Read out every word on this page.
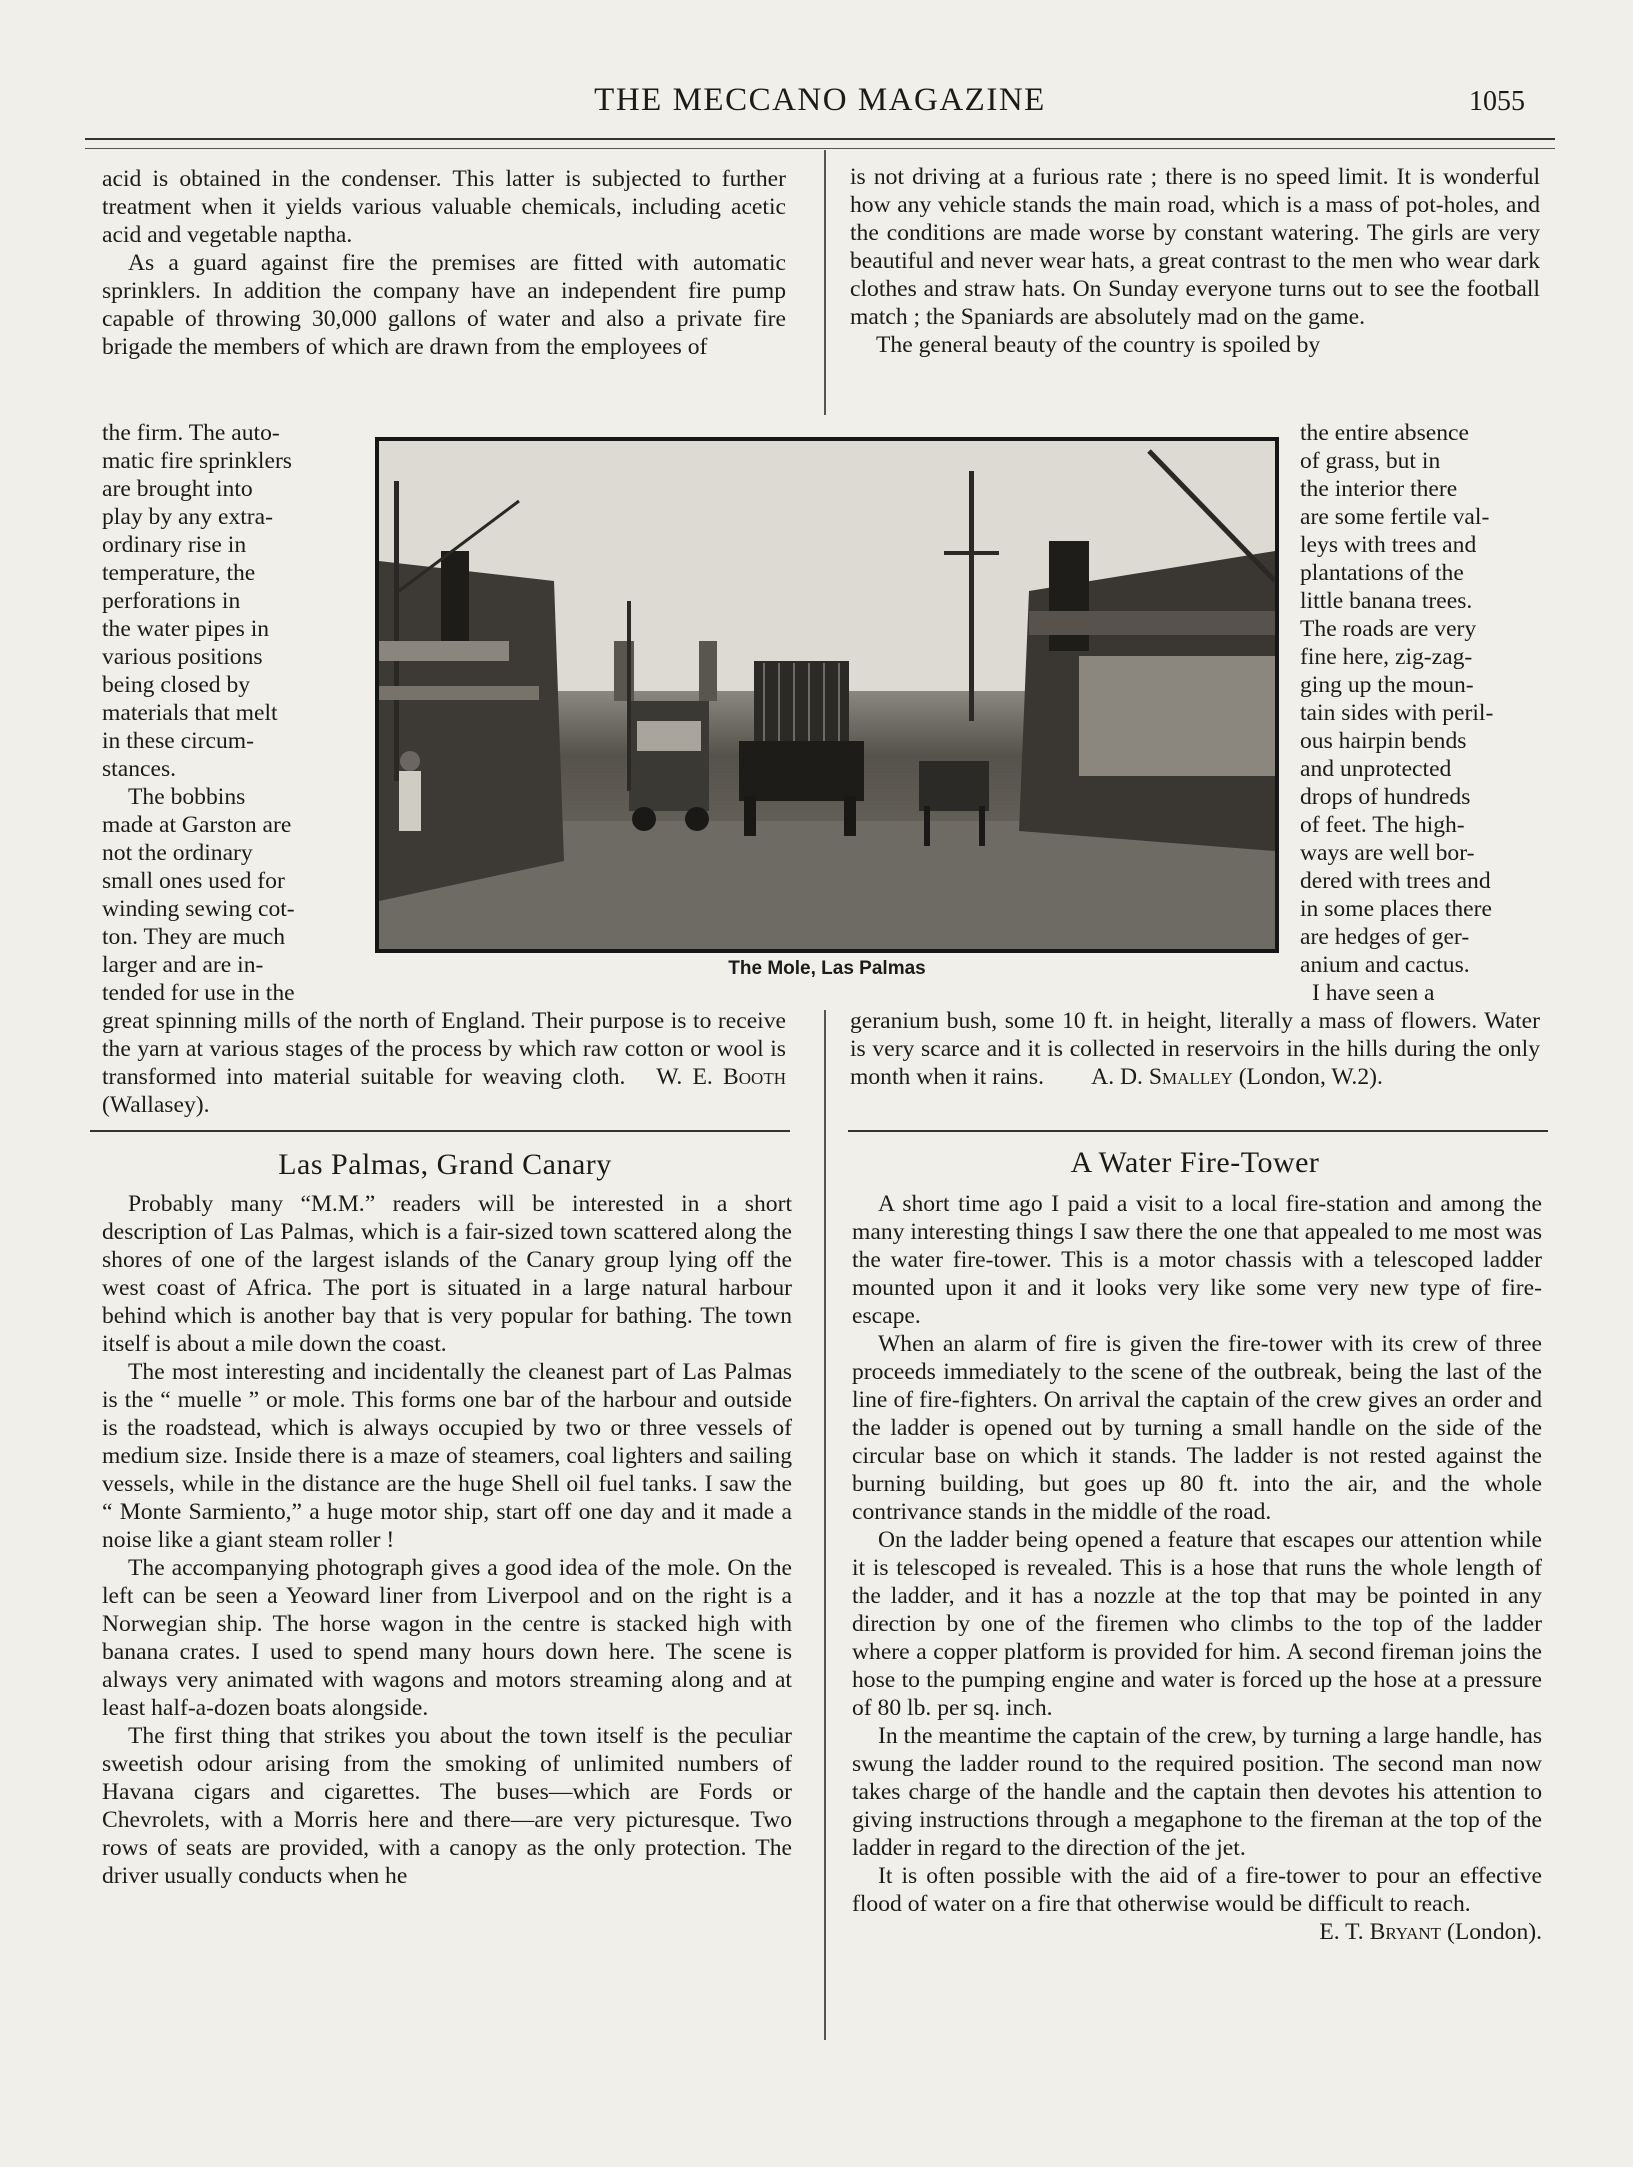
THE MECCANO MAGAZINE	1055

acid is obtained in the condenser. This latter is subjected to further treatment when it yields various valuable chemicals, including acetic acid and vegetable naptha.

As a guard against fire the premises are fitted with automatic sprinklers. In addition the company have an independent fire pump capable of throwing 30,000 gallons of water and also a private fire brigade the members of which are drawn from the employees of

the firm. The auto-

matic fire sprinklers

are brought into

play by any extra-

ordinary rise in

temperature, the

perforations in

the water pipes in

various positions

being closed by

materials that melt

in these circum-

stances.

The bobbins

made at Garston are

not the ordinary

small ones used for

winding sewing cot-

ton. They are much

larger and are in-

tended for use in the

great spinning mills of the north of England. Their purpose is to receive the yarn at various stages of the process by which raw cotton or wool is transformed into material suitable for weaving cloth. W. E. Booth (Wallasey).

is not driving at a furious rate ; there is no speed limit. It is wonderful how any vehicle stands the main road, which is a mass of pot-holes, and the conditions are made worse by constant watering. The girls are very beautiful and never wear hats, a great contrast to the men who wear dark clothes and straw hats. On Sunday everyone turns out to see the football match ; the Spaniards are absolutely mad on the game.

The general beauty of the country is spoiled by

the entire absence

of grass, but in

the interior there

are some fertile val-

leys with trees and

plantations of the

little banana trees.

The roads are very

fine here, zig-zag-

ging up the moun-

tain sides with peril-

ous hairpin bends

and unprotected

drops of hundreds

of feet. The high-

ways are well bor-

dered with trees and

in some places there

are hedges of ger-

anium and cactus.

I have seen a

geranium bush, some 10 ft. in height, literally a mass of flowers. Water is very scarce and it is collected in reservoirs in the hills during the only month when it rains. A. D. Smalley (London, W.2).

The Mole, Las Palmas
Las Palmas, Grand Canary

Probably many “M.M.” readers will be interested in a short description of Las Palmas, which is a fair-sized town scattered along the shores of one of the largest islands of the Canary group lying off the west coast of Africa. The port is situated in a large natural harbour behind which is another bay that is very popular for bathing. The town itself is about a mile down the coast.

The most interesting and incidentally the cleanest part of Las Palmas is the “ muelle ” or mole. This forms one bar of the harbour and outside is the roadstead, which is always occupied by two or three vessels of medium size. Inside there is a maze of steamers, coal lighters and sailing vessels, while in the distance are the huge Shell oil fuel tanks. I saw the “ Monte Sarmiento,” a huge motor ship, start off one day and it made a noise like a giant steam roller !

The accompanying photograph gives a good idea of the mole. On the left can be seen a Yeoward liner from Liverpool and on the right is a Norwegian ship. The horse wagon in the centre is stacked high with banana crates. I used to spend many hours down here. The scene is always very animated with wagons and motors streaming along and at least half-a-dozen boats alongside.

The first thing that strikes you about the town itself is the peculiar sweetish odour arising from the smoking of unlimited numbers of Havana cigars and cigarettes. The buses—which are Fords or Chevrolets, with a Morris here and there—are very picturesque. Two rows of seats are provided, with a canopy as the only protection. The driver usually conducts when he

A Water Fire-Tower

A short time ago I paid a visit to a local fire-station and among the many interesting things I saw there the one that appealed to me most was the water fire-tower. This is a motor chassis with a telescoped ladder mounted upon it and it looks very like some very new type of fire-escape.

When an alarm of fire is given the fire-tower with its crew of three proceeds immediately to the scene of the outbreak, being the last of the line of fire-fighters. On arrival the captain of the crew gives an order and the ladder is opened out by turning a small handle on the side of the circular base on which it stands. The ladder is not rested against the burning building, but goes up 80 ft. into the air, and the whole contrivance stands in the middle of the road.

On the ladder being opened a feature that escapes our attention while it is telescoped is revealed. This is a hose that runs the whole length of the ladder, and it has a nozzle at the top that may be pointed in any direction by one of the firemen who climbs to the top of the ladder where a copper platform is provided for him. A second fireman joins the hose to the pumping engine and water is forced up the hose at a pressure of 80 lb. per sq. inch.

In the meantime the captain of the crew, by turning a large handle, has swung the ladder round to the required position. The second man now takes charge of the handle and the captain then devotes his attention to giving instructions through a megaphone to the fireman at the top of the ladder in regard to the direction of the jet.

It is often possible with the aid of a fire-tower to pour an effective flood of water on a fire that otherwise would be difficult to reach.

E. T. Bryant (London).
